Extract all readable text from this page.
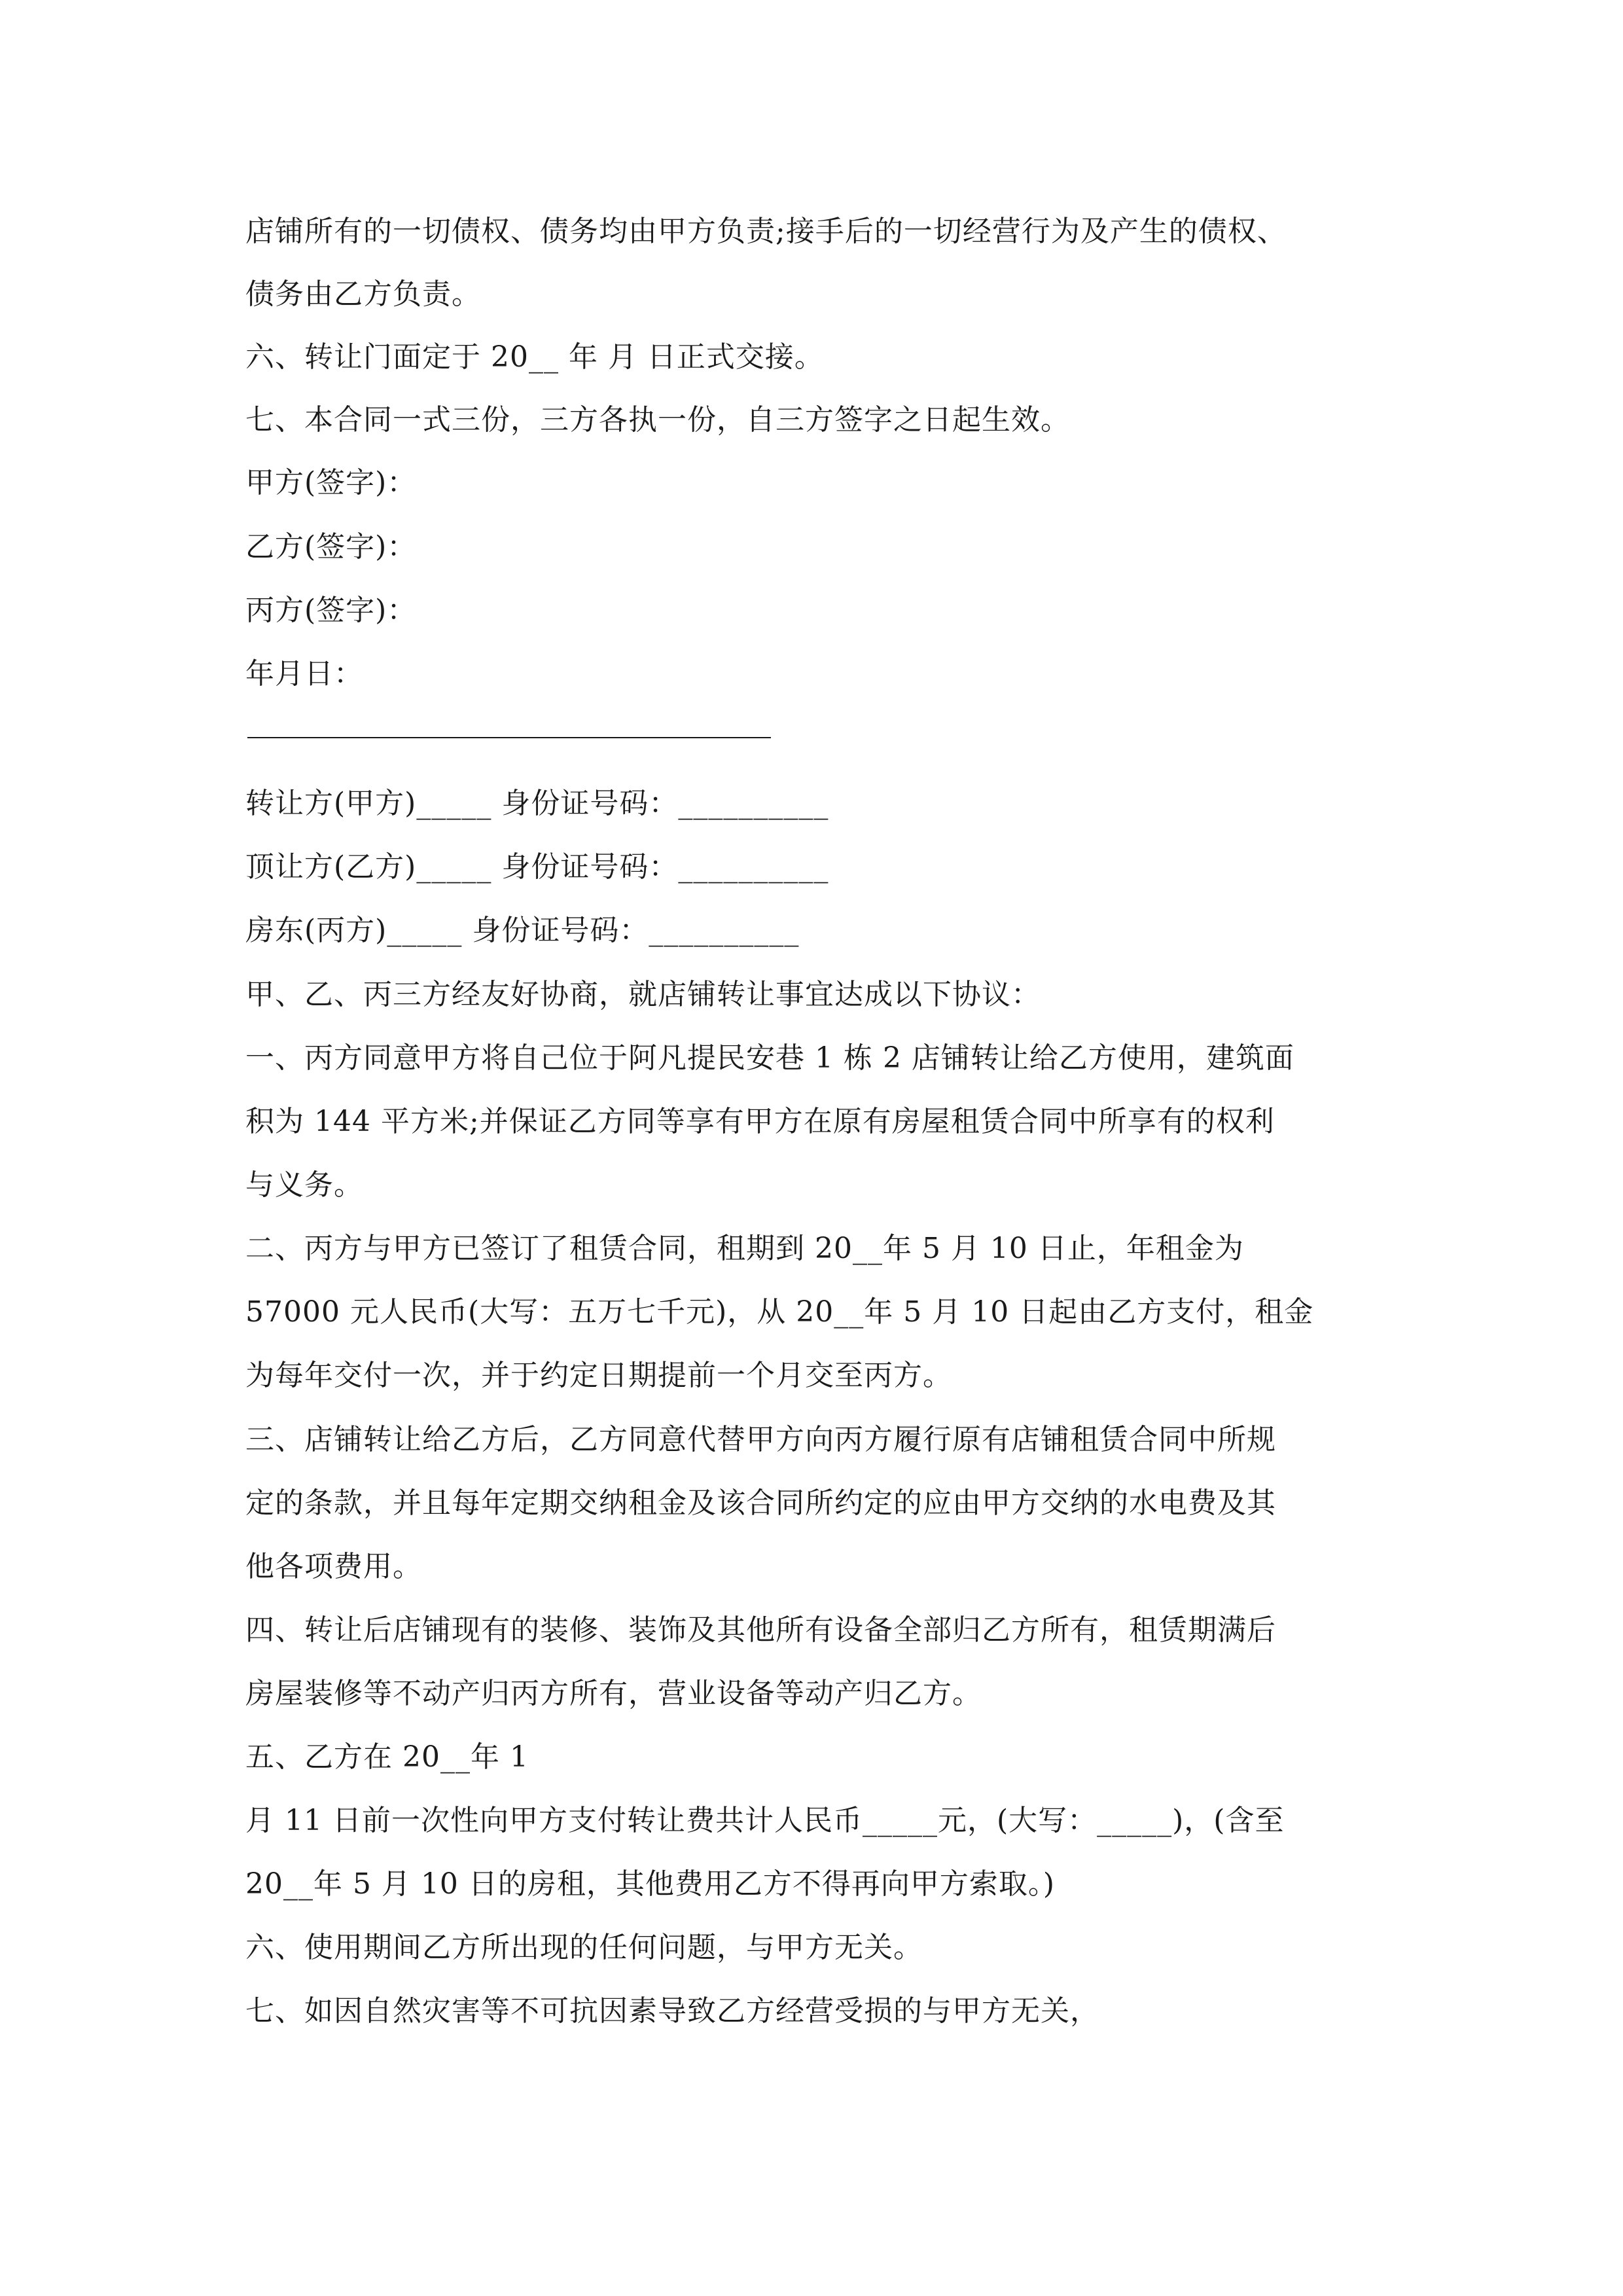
店铺所有的一切债权、债务均由甲方负责;接手后的一切经营行为及产生的债权、
债务由乙方负责。
六、转让门面定于 20__ 年 月 日正式交接。
七、本合同一式三份，三方各执一份，自三方签字之日起生效。
甲方(签字)：
乙方(签字)：
丙方(签字)：
年月日：
转让方(甲方)_____ 身份证号码：__________
顶让方(乙方)_____ 身份证号码：__________
房东(丙方)_____ 身份证号码：__________
甲、乙、丙三方经友好协商，就店铺转让事宜达成以下协议：
一、丙方同意甲方将自己位于阿凡提民安巷 1 栋 2 店铺转让给乙方使用，建筑面
积为 144 平方米;并保证乙方同等享有甲方在原有房屋租赁合同中所享有的权利
与义务。
二、丙方与甲方已签订了租赁合同，租期到 20__年 5 月 10 日止，年租金为
57000 元人民币(大写：五万七千元)，从 20__年 5 月 10 日起由乙方支付，租金
为每年交付一次，并于约定日期提前一个月交至丙方。
三、店铺转让给乙方后，乙方同意代替甲方向丙方履行原有店铺租赁合同中所规
定的条款，并且每年定期交纳租金及该合同所约定的应由甲方交纳的水电费及其
他各项费用。
四、转让后店铺现有的装修、装饰及其他所有设备全部归乙方所有，租赁期满后
房屋装修等不动产归丙方所有，营业设备等动产归乙方。
五、乙方在 20__年 1
月 11 日前一次性向甲方支付转让费共计人民币_____元，(大写：_____)，(含至
20__年 5 月 10 日的房租，其他费用乙方不得再向甲方索取。)
六、使用期间乙方所出现的任何问题，与甲方无关。
七、如因自然灾害等不可抗因素导致乙方经营受损的与甲方无关，
